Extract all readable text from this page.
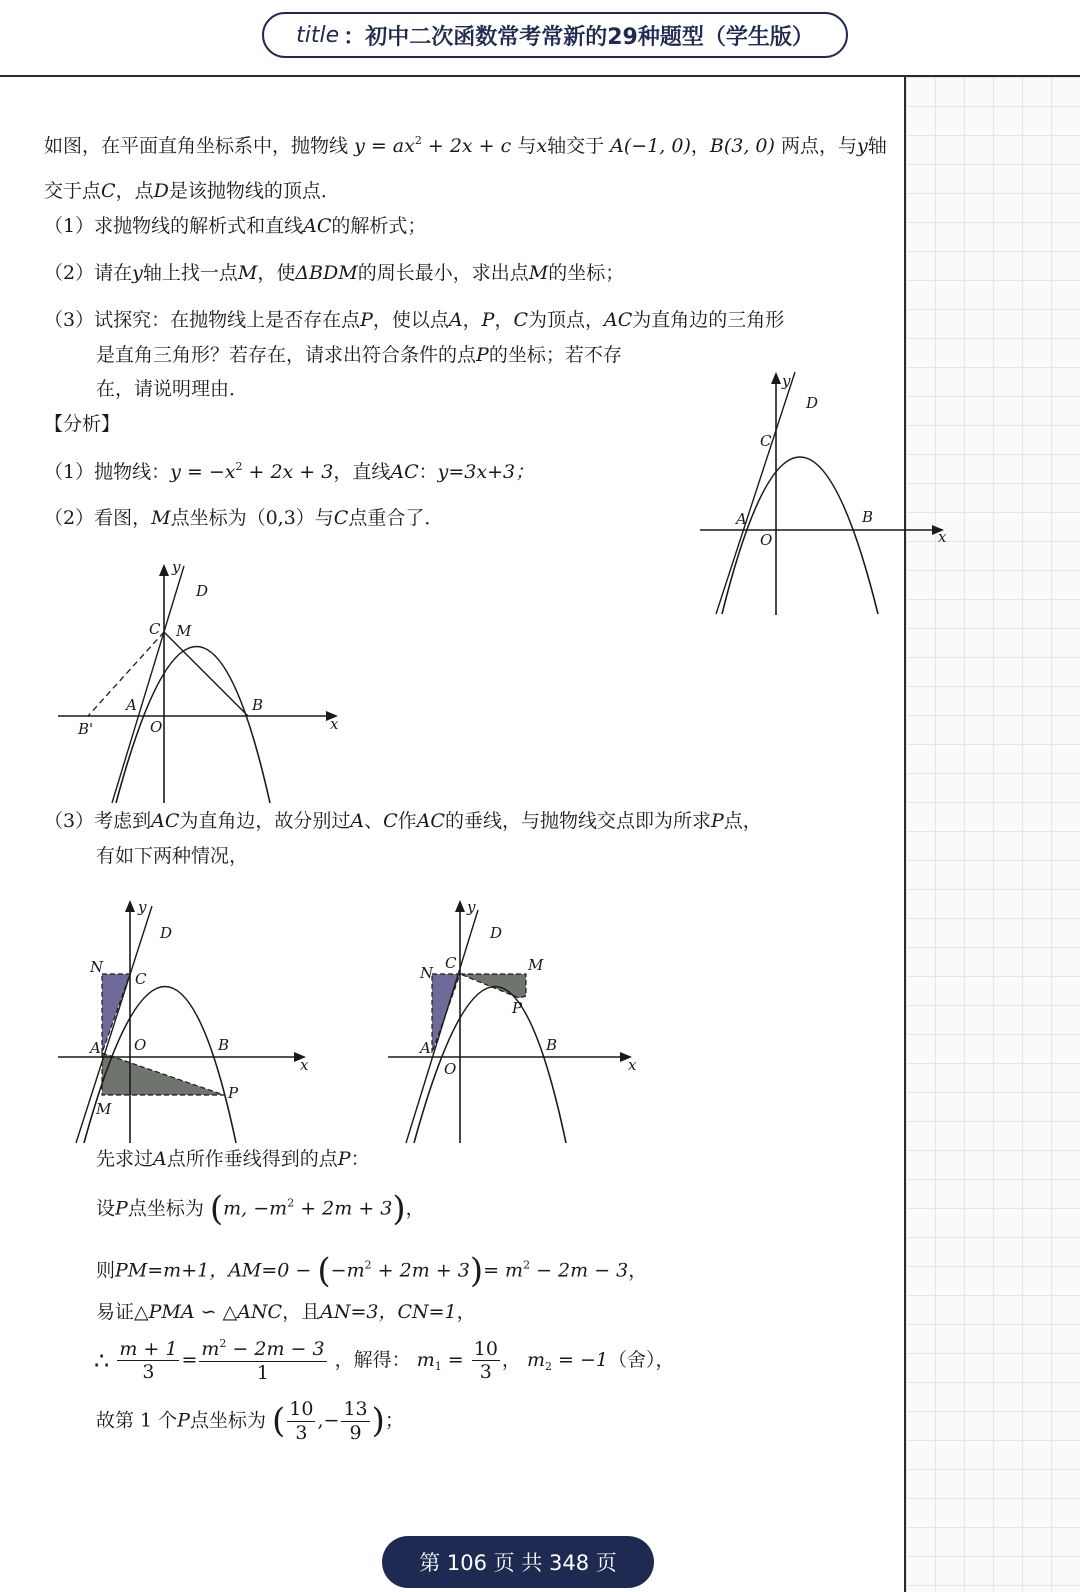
title ： 初中二次函数常考常新的29种题型（学生版）
如图，在平面直角坐标系中，抛物线 $y = ax^2 + 2x + c$ 与x轴交于 A(−1, 0)，B(3, 0) 两点，与y轴
交于点C，点D是该抛物线的顶点．
（1）求抛物线的解析式和直线AC的解析式；
（2）请在y轴上找一点M，使ΔBDM的周长最小，求出点M的坐标；
（3）试探究：在抛物线上是否存在点P，使以点A，P，C为顶点，AC为直角边的三角形
是直角三角形？若存在，请求出符合条件的点P的坐标；若不存
在，请说明理由．
【分析】
（1）抛物线：$y = -x^2 + 2x + 3$，直线AC：y=3x+3；
（2）看图，M点坐标为（0,3）与C点重合了．
（3）考虑到AC为直角边，故分别过A、C作AC的垂线，与抛物线交点即为所求P点，
有如下两种情况，
先求过A点所作垂线得到的点P：
设P点坐标为 (m, $-m^2 + 2m + 3$)，
则PM=m+1，$AM=0 - (-m^2 + 2m + 3)= m^2 - 2m - 3$，
易证△PMA ∽ △ANC，且AN=3，CN=1，
∴ $\frac{m + 1}{3} = \frac{m^2 - 2m - 3}{1}$ ，解得： $m_1 = \frac{10}{3}$ ， $m_2 = -1$（舍），
故第 1 个P点坐标为 ( $\frac{10}{3}$ ,− $\frac{13}{9}$ )；
x
y
D
C
A
O
B
x
y
D
C M
A
O
B
B'
x
y
D
N
C
A O	B
P
M
x
y
D
N
C	M
P
A
O
B
第 106 页 共 348 页
